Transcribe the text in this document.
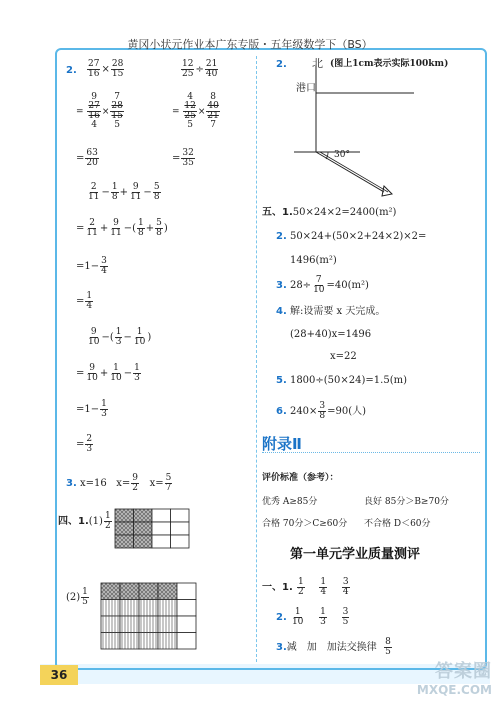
黄冈小状元作业本广东专版・五年级数学下（BS）
2. $\frac{27}{16} \times \frac{28}{15}$	$\frac{12}{25} \div \frac{21}{40}$
=
9
27
16
4
×
7
28
15
5
=
4
12
25
5
×
8
40
21
7
= $\frac{63}{20}$	= $\frac{32}{35}$
$\frac{2}{11} - \frac{1}{8} + \frac{9}{11} - \frac{5}{8}$
= $\frac{2}{11} + \frac{9}{11}$ −( $\frac{1}{8} + \frac{5}{8}$ )
$=1- \frac{3}{4}$
= $\frac{1}{4}$
$\frac{9}{10}$ −( $\frac{1}{3} - \frac{1}{10}$ )
= $\frac{9}{10} + \frac{1}{10} - \frac{1}{3}$
$=1- \frac{1}{3}$
= $\frac{2}{3}$
3. x=16 $x= \frac{9}{2} x= \frac{5}{7}$
四、$1.(1) \frac{1}{2}$
$(2) \frac{1}{5}$
2. 北 (图上1cm表示实际100km)
港口
30°
五、1.50×24×2=2400(m²)
2. 50×24+(50×2+24×2)×2=
1496(m²)
3. $28\div \frac{7}{10} =40(m^2)$
4. 解:设需要 x 天完成。
(28+40)x=1496
x=22
5. 1800÷(50×24)=1.5(m)
6. $240\times \frac{3}{8} =90$(人)
附录Ⅱ
评价标准（参考）：
优秀 A≥85分	良好 85分＞B≥70分
合格 70分＞C≥60分 不合格 D＜60分
第一单元学业质量测评
一、1. $\frac{1}{2}$
$\frac{1}{4}$
$\frac{3}{4}$
2. $\frac{1}{10}$
$\frac{1}{3}$
$\frac{3}{5}$
3.减　加　加法交换律 $\frac{8}{5}$
36	答案圈
MXQE.COM
